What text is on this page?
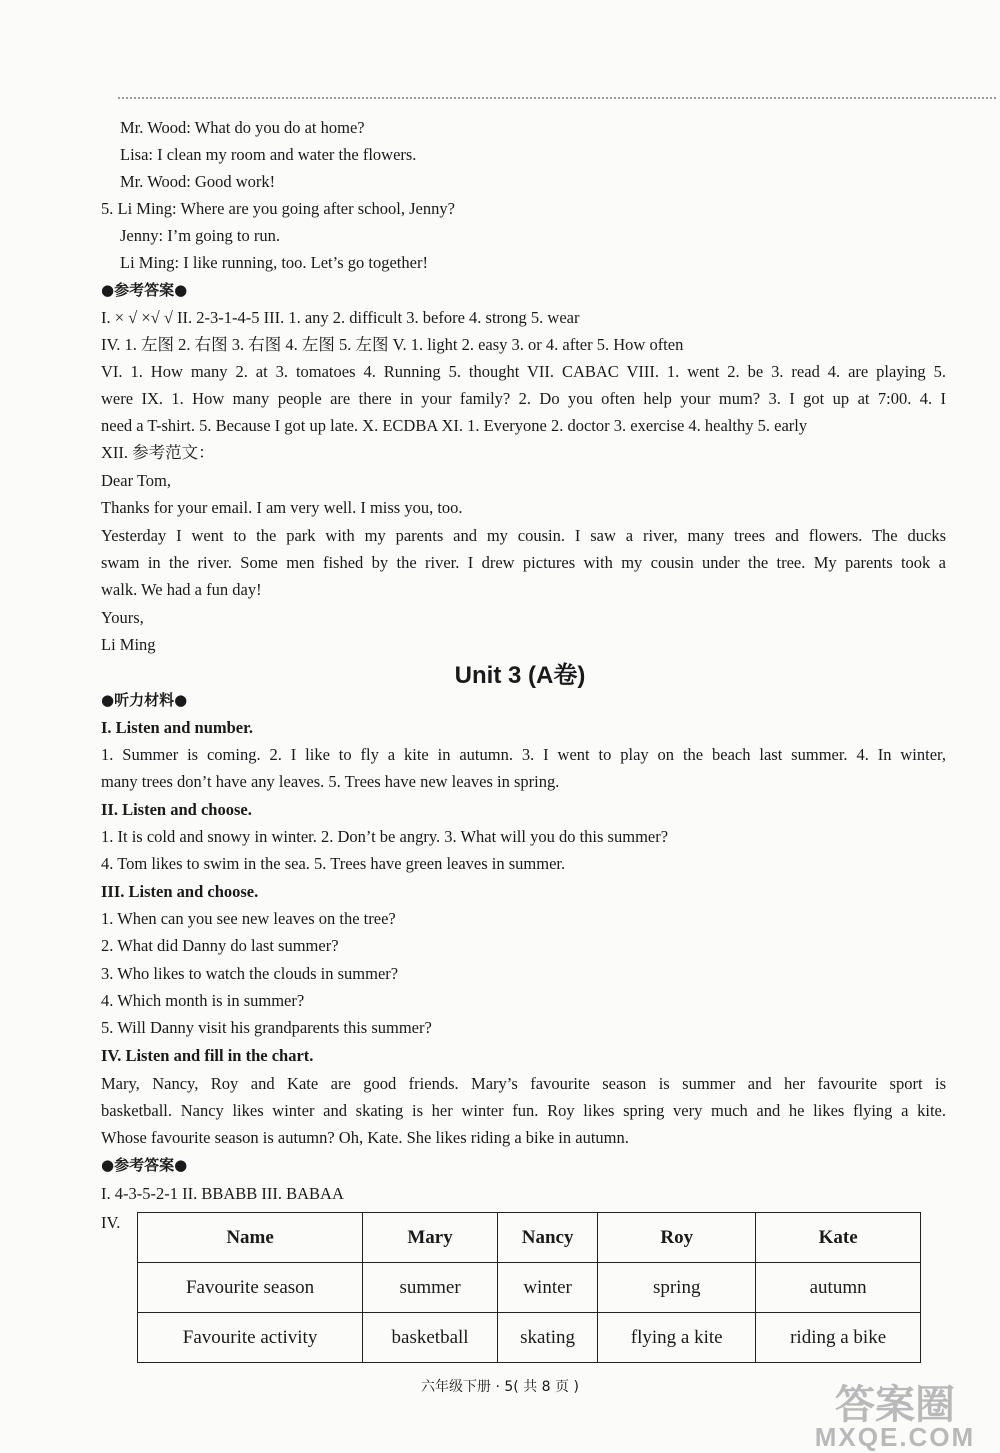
Mr. Wood: What do you do at home?
Lisa: I clean my room and water the flowers.
Mr. Wood: Good work!
5. Li Ming: Where are you going after school, Jenny?
Jenny: I’m going to run.
Li Ming: I like running, too. Let’s go together!
●参考答案●
I. × √ ×√ √ II. 2-3-1-4-5 III. 1. any 2. difficult 3. before 4. strong 5. wear
IV. 1. 左图 2. 右图 3. 右图 4. 左图 5. 左图 V. 1. light 2. easy 3. or 4. after 5. How often
VI. 1. How many 2. at 3. tomatoes 4. Running 5. thought VII. CABAC VIII. 1. went 2. be 3. read 4. are playing 5.
were IX. 1. How many people are there in your family? 2. Do you often help your mum? 3. I got up at 7:00. 4. I
need a T-shirt. 5. Because I got up late. X. ECDBA XI. 1. Everyone 2. doctor 3. exercise 4. healthy 5. early
XII. 参考范文：
Dear Tom,
Thanks for your email. I am very well. I miss you, too.
Yesterday I went to the park with my parents and my cousin. I saw a river, many trees and flowers. The ducks
swam in the river. Some men fished by the river. I drew pictures with my cousin under the tree. My parents took a
walk. We had a fun day!
Yours,
Li Ming
Unit 3 (A卷)
●听力材料●
I. Listen and number.
1. Summer is coming. 2. I like to fly a kite in autumn. 3. I went to play on the beach last summer. 4. In winter,
many trees don’t have any leaves. 5. Trees have new leaves in spring.
II. Listen and choose.
1. It is cold and snowy in winter. 2. Don’t be angry. 3. What will you do this summer?
4. Tom likes to swim in the sea. 5. Trees have green leaves in summer.
III. Listen and choose.
1. When can you see new leaves on the tree?
2. What did Danny do last summer?
3. Who likes to watch the clouds in summer?
4. Which month is in summer?
5. Will Danny visit his grandparents this summer?
IV. Listen and fill in the chart.
Mary, Nancy, Roy and Kate are good friends. Mary’s favourite season is summer and her favourite sport is
basketball. Nancy likes winter and skating is her winter fun. Roy likes spring very much and he likes flying a kite.
Whose favourite season is autumn? Oh, Kate. She likes riding a bike in autumn.
●参考答案●
I. 4-3-5-2-1 II. BBABB III. BABAA
IV.
Name	Mary	Nancy	Roy	Kate
Favourite season	summer	winter	spring	autumn
Favourite activity	basketball	skating	flying a kite	riding a bike
六年级下册 · 5( 共 8 页 )	答案圈
MXQE.COM
